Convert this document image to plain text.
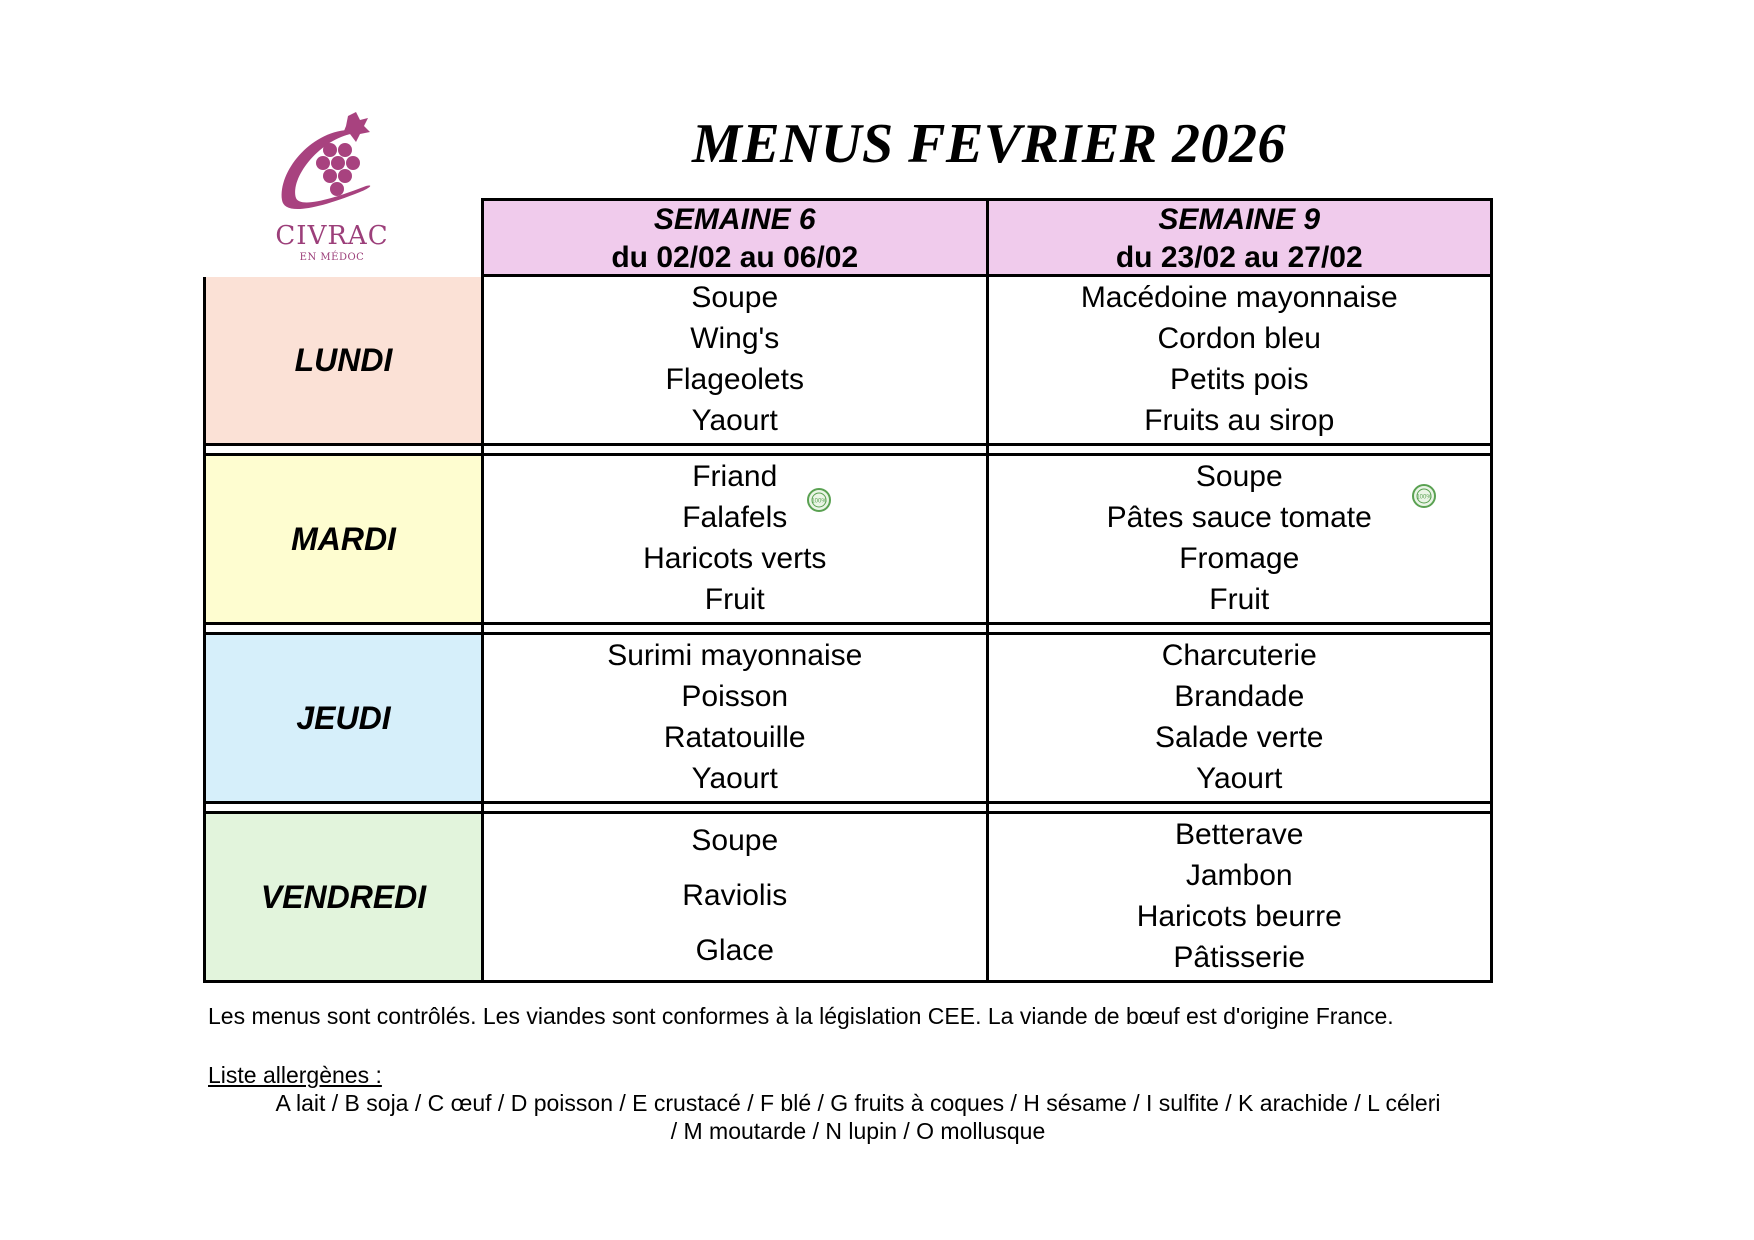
CIVRAC
EN MÉDOC
MENUS FEVRIER 2026
SEMAINE 6
du 02/02 au 06/02
SEMAINE 9
du 23/02 au 27/02
LUNDI
Soupe
Wing's
Flageolets
Yaourt
Macédoine mayonnaise
Cordon bleu
Petits pois
Fruits au sirop
MARDI
Friand
Falafels
Haricots verts
Fruit
100%
Soupe
Pâtes sauce tomate
Fromage
Fruit
100%
JEUDI
Surimi mayonnaise
Poisson
Ratatouille
Yaourt
Charcuterie
Brandade
Salade verte
Yaourt
VENDREDI
Soupe
Raviolis
Glace
Betterave
Jambon
Haricots beurre
Pâtisserie
Les menus sont contrôlés. Les viandes sont conformes à la législation CEE. La viande de bœuf est d'origine France.
Liste allergènes :
A lait / B soja / C œuf / D poisson / E crustacé / F blé / G fruits à coques / H sésame / I sulfite / K arachide / L céleri
/ M moutarde / N lupin / O mollusque
